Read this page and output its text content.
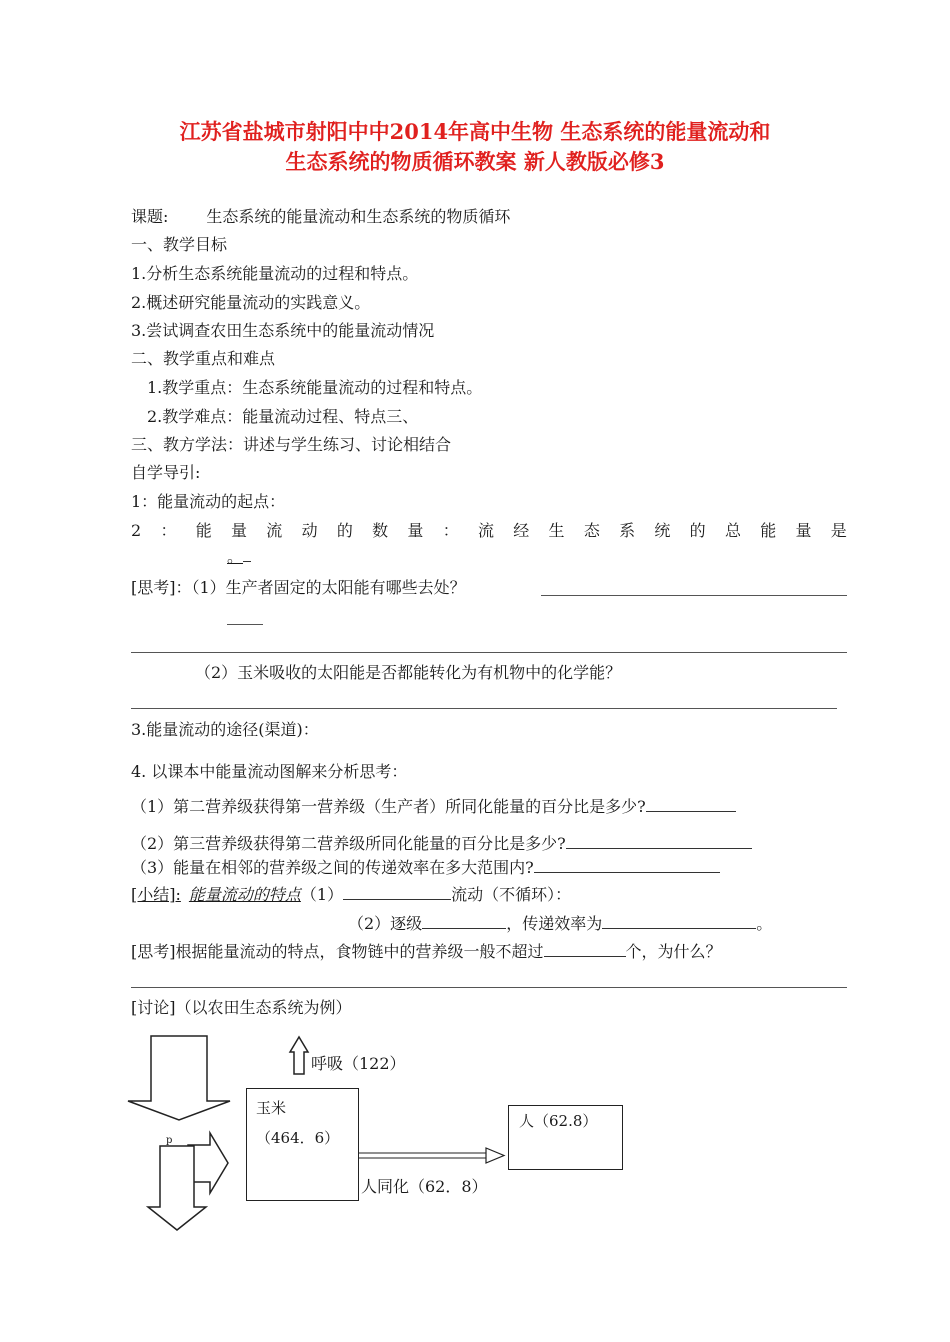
江苏省盐城市射阳中中2014年高中生物 生态系统的能量流动和
生态系统的物质循环教案 新人教版必修3
课题: 生态系统的能量流动和生态系统的物质循环
一、教学目标
1.分析生态系统能量流动的过程和特点。
2.概述研究能量流动的实践意义。
3.尝试调查农田生态系统中的能量流动情况
二、教学重点和难点
1.教学重点：生态系统能量流动的过程和特点。
2.教学难点：能量流动过程、特点三、
三、教方学法：讲述与学生练习、讨论相结合
自学导引:
1：能量流动的起点：
2 ： 能 量 流 动 的 数 量 ： 流 经 生 态 系 统 的 总 能 量 是
。
[思考]：（1）生产者固定的太阳能有哪些去处？
（2）玉米吸收的太阳能是否都能转化为有机物中的化学能？
3.能量流动的途径(渠道)：
4. 以课本中能量流动图解来分析思考：
（1）第二营养级获得第一营养级（生产者）所同化能量的百分比是多少?
（2）第三营养级获得第二营养级所同化能量的百分比是多少?
（3）能量在相邻的营养级之间的传递效率在多大范围内?
[小结]: 能量流动的特点（1）	流动（不循环）：
（2）逐级	，传递效率为	。
[思考]根据能量流动的特点，食物链中的营养级一般不超过	个，为什么？
[讨论]（以农田生态系统为例）
p
呼吸（122）
玉米
（464．6）
人（62.8）
人同化（62．8）
